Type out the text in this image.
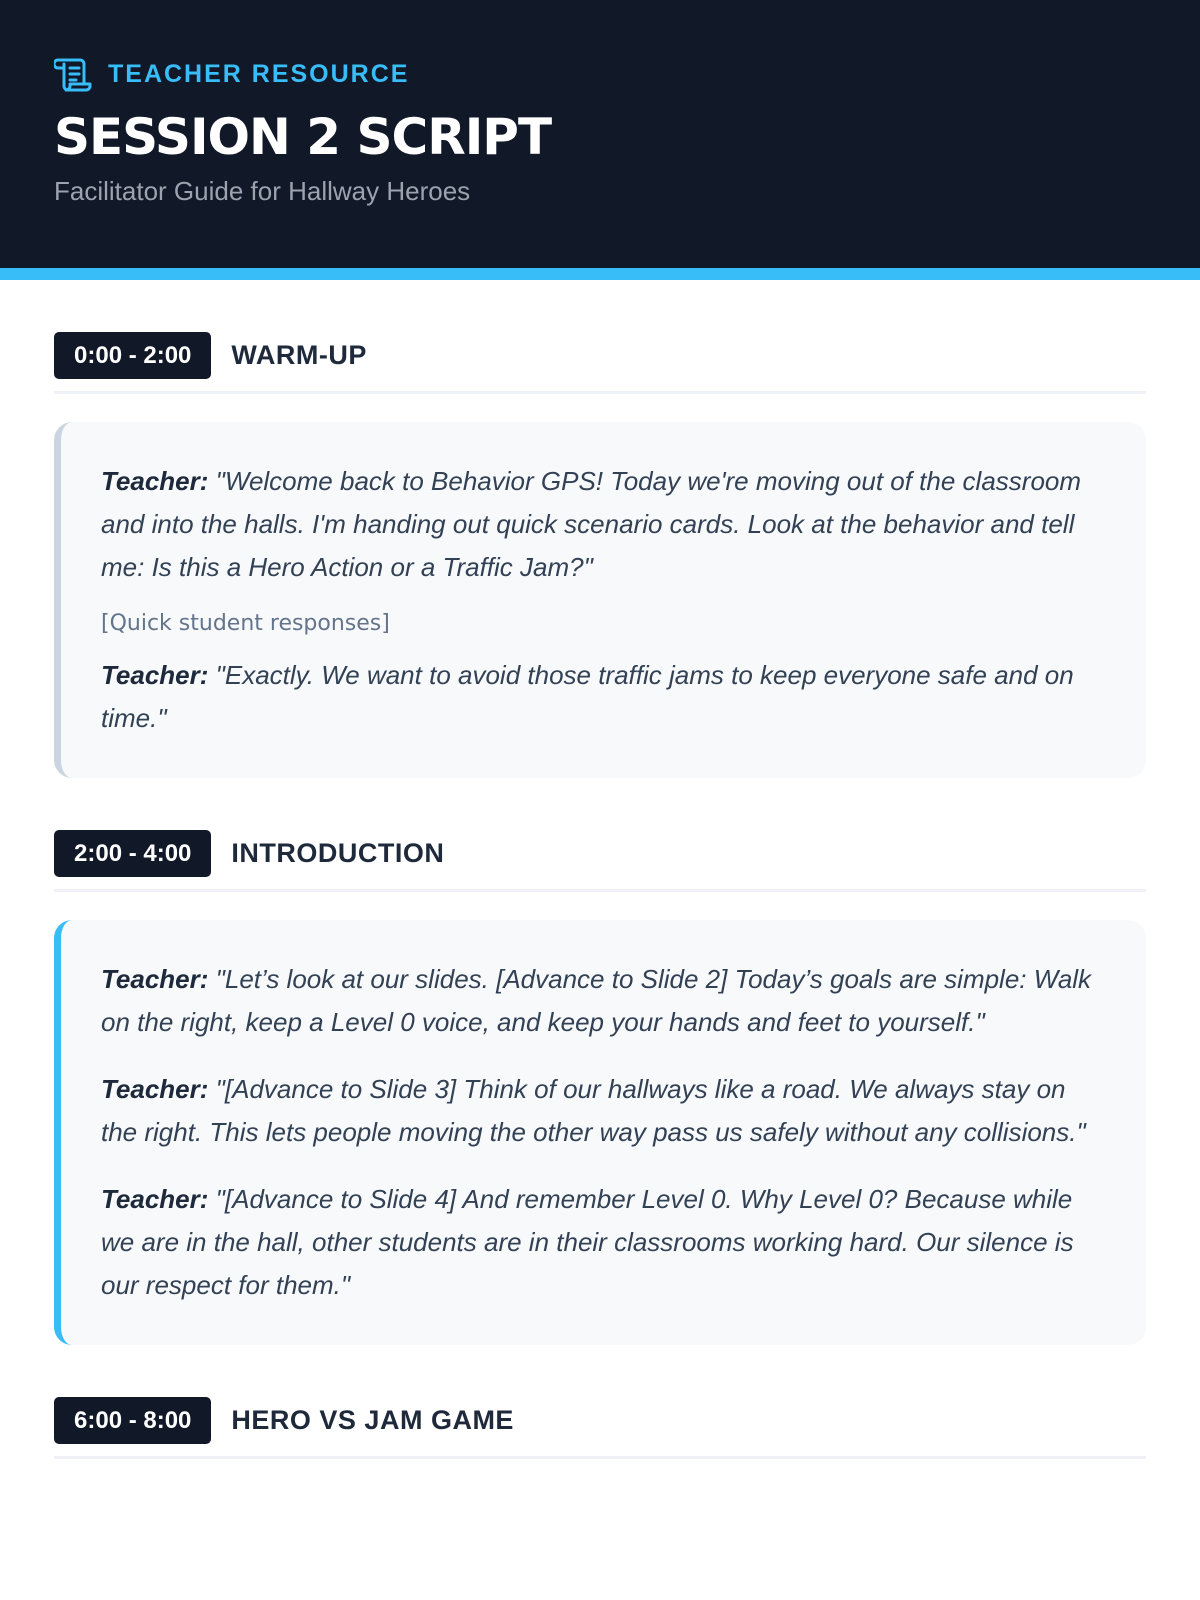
TEACHER RESOURCE
SESSION 2 SCRIPT
Facilitator Guide for Hallway Heroes
0:00 - 2:00	WARM-UP

Teacher: "Welcome back to Behavior GPS! Today we're moving out of the classroom and into the halls. I'm handing out quick scenario cards. Look at the behavior and tell me: Is this a Hero Action or a Traffic Jam?"

[Quick student responses]

Teacher: "Exactly. We want to avoid those traffic jams to keep everyone safe and on time."

2:00 - 4:00	INTRODUCTION

Teacher: "Let’s look at our slides. [Advance to Slide 2] Today’s goals are simple: Walk on the right, keep a Level 0 voice, and keep your hands and feet to yourself."

Teacher: "[Advance to Slide 3] Think of our hallways like a road. We always stay on the right. This lets people moving the other way pass us safely without any collisions."

Teacher: "[Advance to Slide 4] And remember Level 0. Why Level 0? Because while we are in the hall, other students are in their classrooms working hard. Our silence is our respect for them."

6:00 - 8:00	HERO VS JAM GAME
